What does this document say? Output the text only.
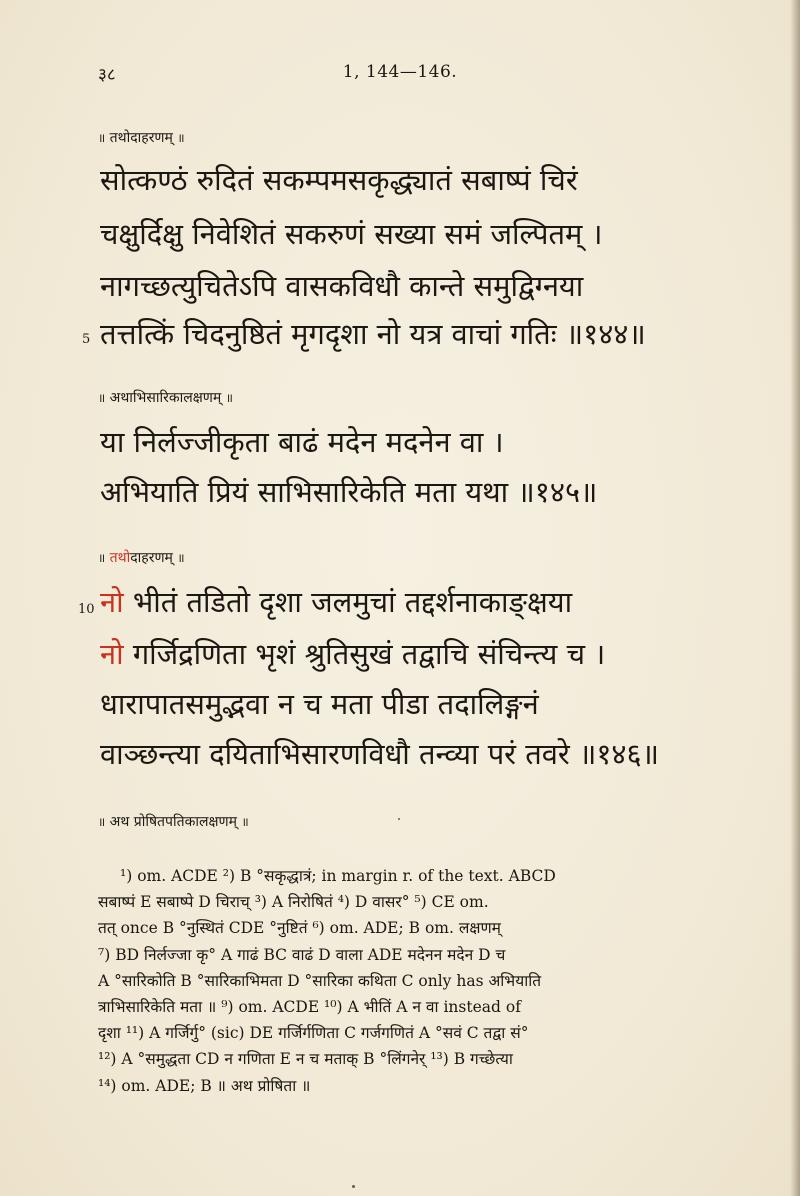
३८	1, 144—146.
॥ तथोदाहरणम् ॥
सोत्कण्ठं रुदितं सकम्पमसकृद्ध्यातं सबाष्पं चिरं
चक्षुर्दिक्षु निवेशितं सकरुणं सख्या समं जल्पितम् ।
नागच्छत्युचितेऽपि वासकविधौ कान्ते समुद्विग्नया
5 तत्तत्किं चिदनुष्ठितं मृगदृशा नो यत्र वाचां गतिः ॥१४४॥
॥ अथाभिसारिकालक्षणम् ॥
या निर्लज्जीकृता बाढं मदेन मदनेन वा ।
अभियाति प्रियं साभिसारिकेति मता यथा ॥१४५॥
॥ तथोदाहरणम् ॥
10 नो भीतं तडितो दृशा जलमुचां तद्दर्शनाकाङ्क्षया
नो गर्जिद्रणिता भृशं श्रुतिसुखं तद्वाचि संचिन्त्य च ।
धारापातसमुद्भवा न च मता पीडा तदालिङ्गनं
वाञ्छन्त्या दयिताभिसारणविधौ तन्व्या परं तवरे ॥१४६॥
॥ अथ प्रोषितपतिकालक्षणम् ॥
¹) om. ACDE ²) B °सकृद्धात्रं; in margin r. of the text. ABCD
सबाष्पं E सबाष्पे D चिराच् ³) A निरोषितं ⁴) D वासर° ⁵) CE om.
तत् once B °नुस्थितं CDE °नुष्टितं ⁶) om. ADE; B om. लक्षणम्
⁷) BD निर्लज्जा कृ° A गाढं BC वाढं D वाला ADE मदेनन मदेन D च
A °सारिकोति B °सारिकाभिमता D °सारिका कथिता C only has अभियाति
त्राभिसारिकेति मता ॥ ⁹) om. ACDE ¹⁰) A भीतिं A न वा instead of
दृशा ¹¹) A गर्जिर्गु° (sic) DE गर्जिर्गणिता C गर्जगणितं A °सवं C तद्वा सं°
¹²) A °समुद्धता CD न गणिता E न च मताक् B °लिंगनेर् ¹³) B गच्छेत्या
¹⁴) om. ADE; B ॥ अथ प्रोषिता ॥
